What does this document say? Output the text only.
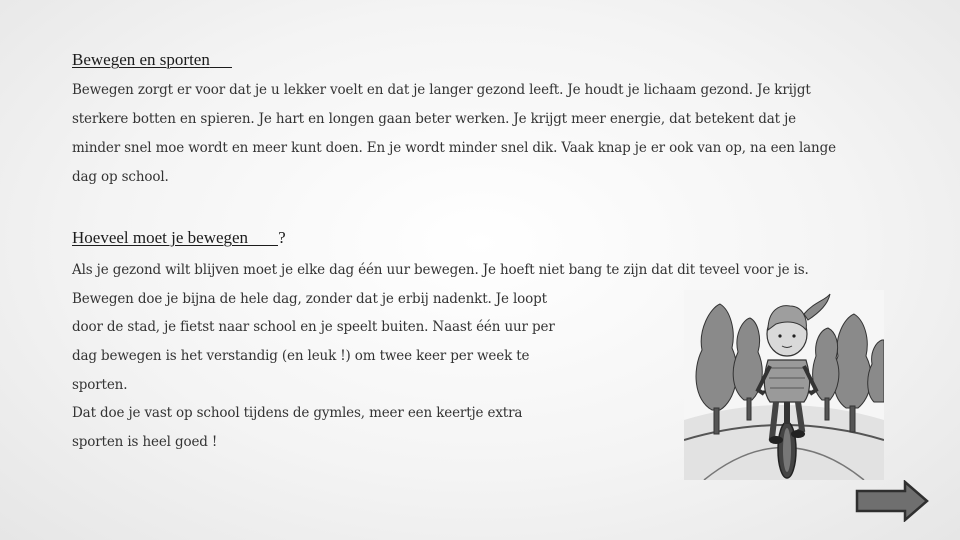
Bewegen en sporten
Bewegen zorgt er voor dat je u lekker voelt en dat je langer gezond leeft. Je houdt je lichaam gezond. Je krijgt
sterkere botten en spieren. Je hart en longen gaan beter werken. Je krijgt meer energie, dat betekent dat je
minder snel moe wordt en meer kunt doen. En je wordt minder snel dik. Vaak knap je er ook van op, na een lange
dag op school.
Hoeveel moet je bewegen ?
Als je gezond wilt blijven moet je elke dag één uur bewegen. Je hoeft niet bang te zijn dat dit teveel voor je is.
Bewegen doe je bijna de hele dag, zonder dat je erbij nadenkt. Je loopt
door de stad, je fietst naar school en je speelt buiten. Naast één uur per
dag bewegen is het verstandig (en leuk !) om twee keer per week te
sporten.
Dat doe je vast op school tijdens de gymles, meer een keertje extra
sporten is heel goed !
